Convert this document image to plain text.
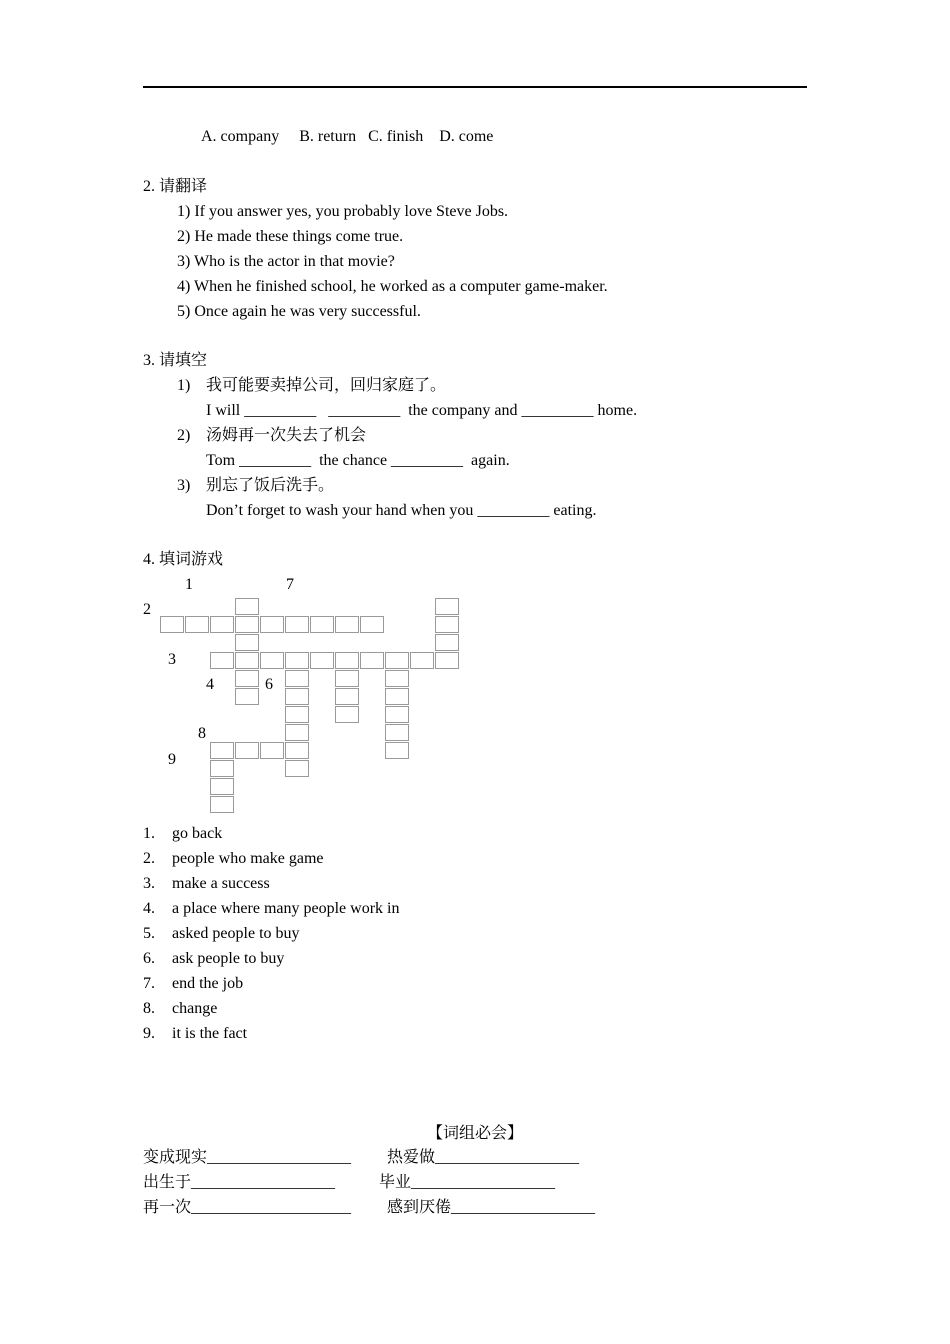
A. company     B. return   C. finish    D. come
2. 请翻译
1) If you answer yes, you probably love Steve Jobs.
2) He made these things come true.
3) Who is the actor in that movie?
4) When he finished school, he worked as a computer game-maker.
5) Once again he was very successful.
3. 请填空
1) 我可能要卖掉公司，回归家庭了。
I will _________   _________  the company and _________ home.
2) 汤姆再一次失去了机会
Tom _________  the chance _________  again.
3) 别忘了饭后洗手。
Don’t forget to wash your hand when you _________ eating.
4. 填词游戏
1	7
2
3
4	6
8
9
1. go back
2. people who make game
3. make a success
4. a place where many people work in
5. asked people to buy
6. ask people to buy
7. end the job
8. change
9. it is the fact
【词组必会】
变成现实__________________ 热爱做__________________
出生于__________________	毕业__________________
再一次____________________ 感到厌倦__________________
